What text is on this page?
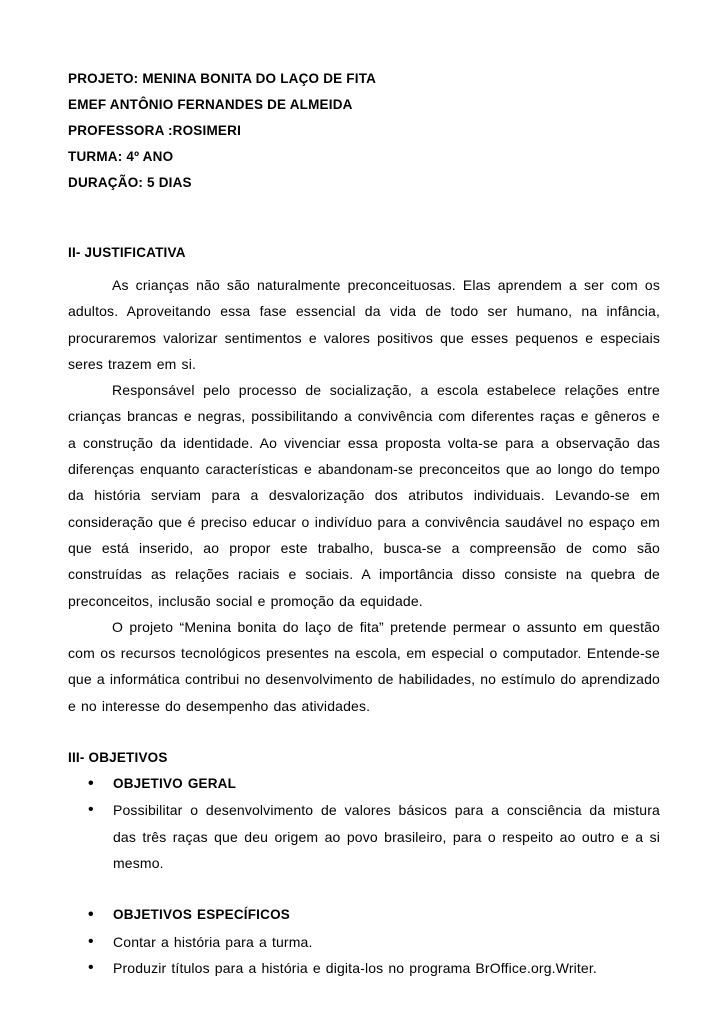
PROJETO: MENINA BONITA DO LAÇO DE FITA
EMEF ANTÔNIO FERNANDES DE ALMEIDA
PROFESSORA :ROSIMERI
TURMA: 4º ANO
DURAÇÃO: 5 DIAS
II- JUSTIFICATIVA

As crianças não são naturalmente preconceituosas. Elas aprendem a ser com os adultos. Aproveitando essa fase essencial da vida de todo ser humano, na infância, procuraremos valorizar sentimentos e valores positivos que esses pequenos e especiais seres trazem em si.

Responsável pelo processo de socialização, a escola estabelece relações entre crianças brancas e negras, possibilitando a convivência com diferentes raças e gêneros e a construção da identidade. Ao vivenciar essa proposta volta-se para a observação das diferenças enquanto características e abandonam-se preconceitos que ao longo do tempo da história serviam para a desvalorização dos atributos individuais. Levando-se em consideração que é preciso educar o indivíduo para a convivência saudável no espaço em que está inserido, ao propor este trabalho, busca-se a compreensão de como são construídas as relações raciais e sociais. A importância disso consiste na quebra de preconceitos, inclusão social e promoção da equidade.

O projeto “Menina bonita do laço de fita” pretende permear o assunto em questão com os recursos tecnológicos presentes na escola, em especial o computador. Entende-se que a informática contribui no desenvolvimento de habilidades, no estímulo do aprendizado e no interesse do desempenho das atividades.

III- OBJETIVOS
• OBJETIVO GERAL
• Possibilitar o desenvolvimento de valores básicos para a consciência da mistura das três raças que deu origem ao povo brasileiro, para o respeito ao outro e a si mesmo.
• OBJETIVOS ESPECÍFICOS
• Contar a história para a turma.
• Produzir títulos para a história e digita-los no programa BrOffice.org.Writer.
